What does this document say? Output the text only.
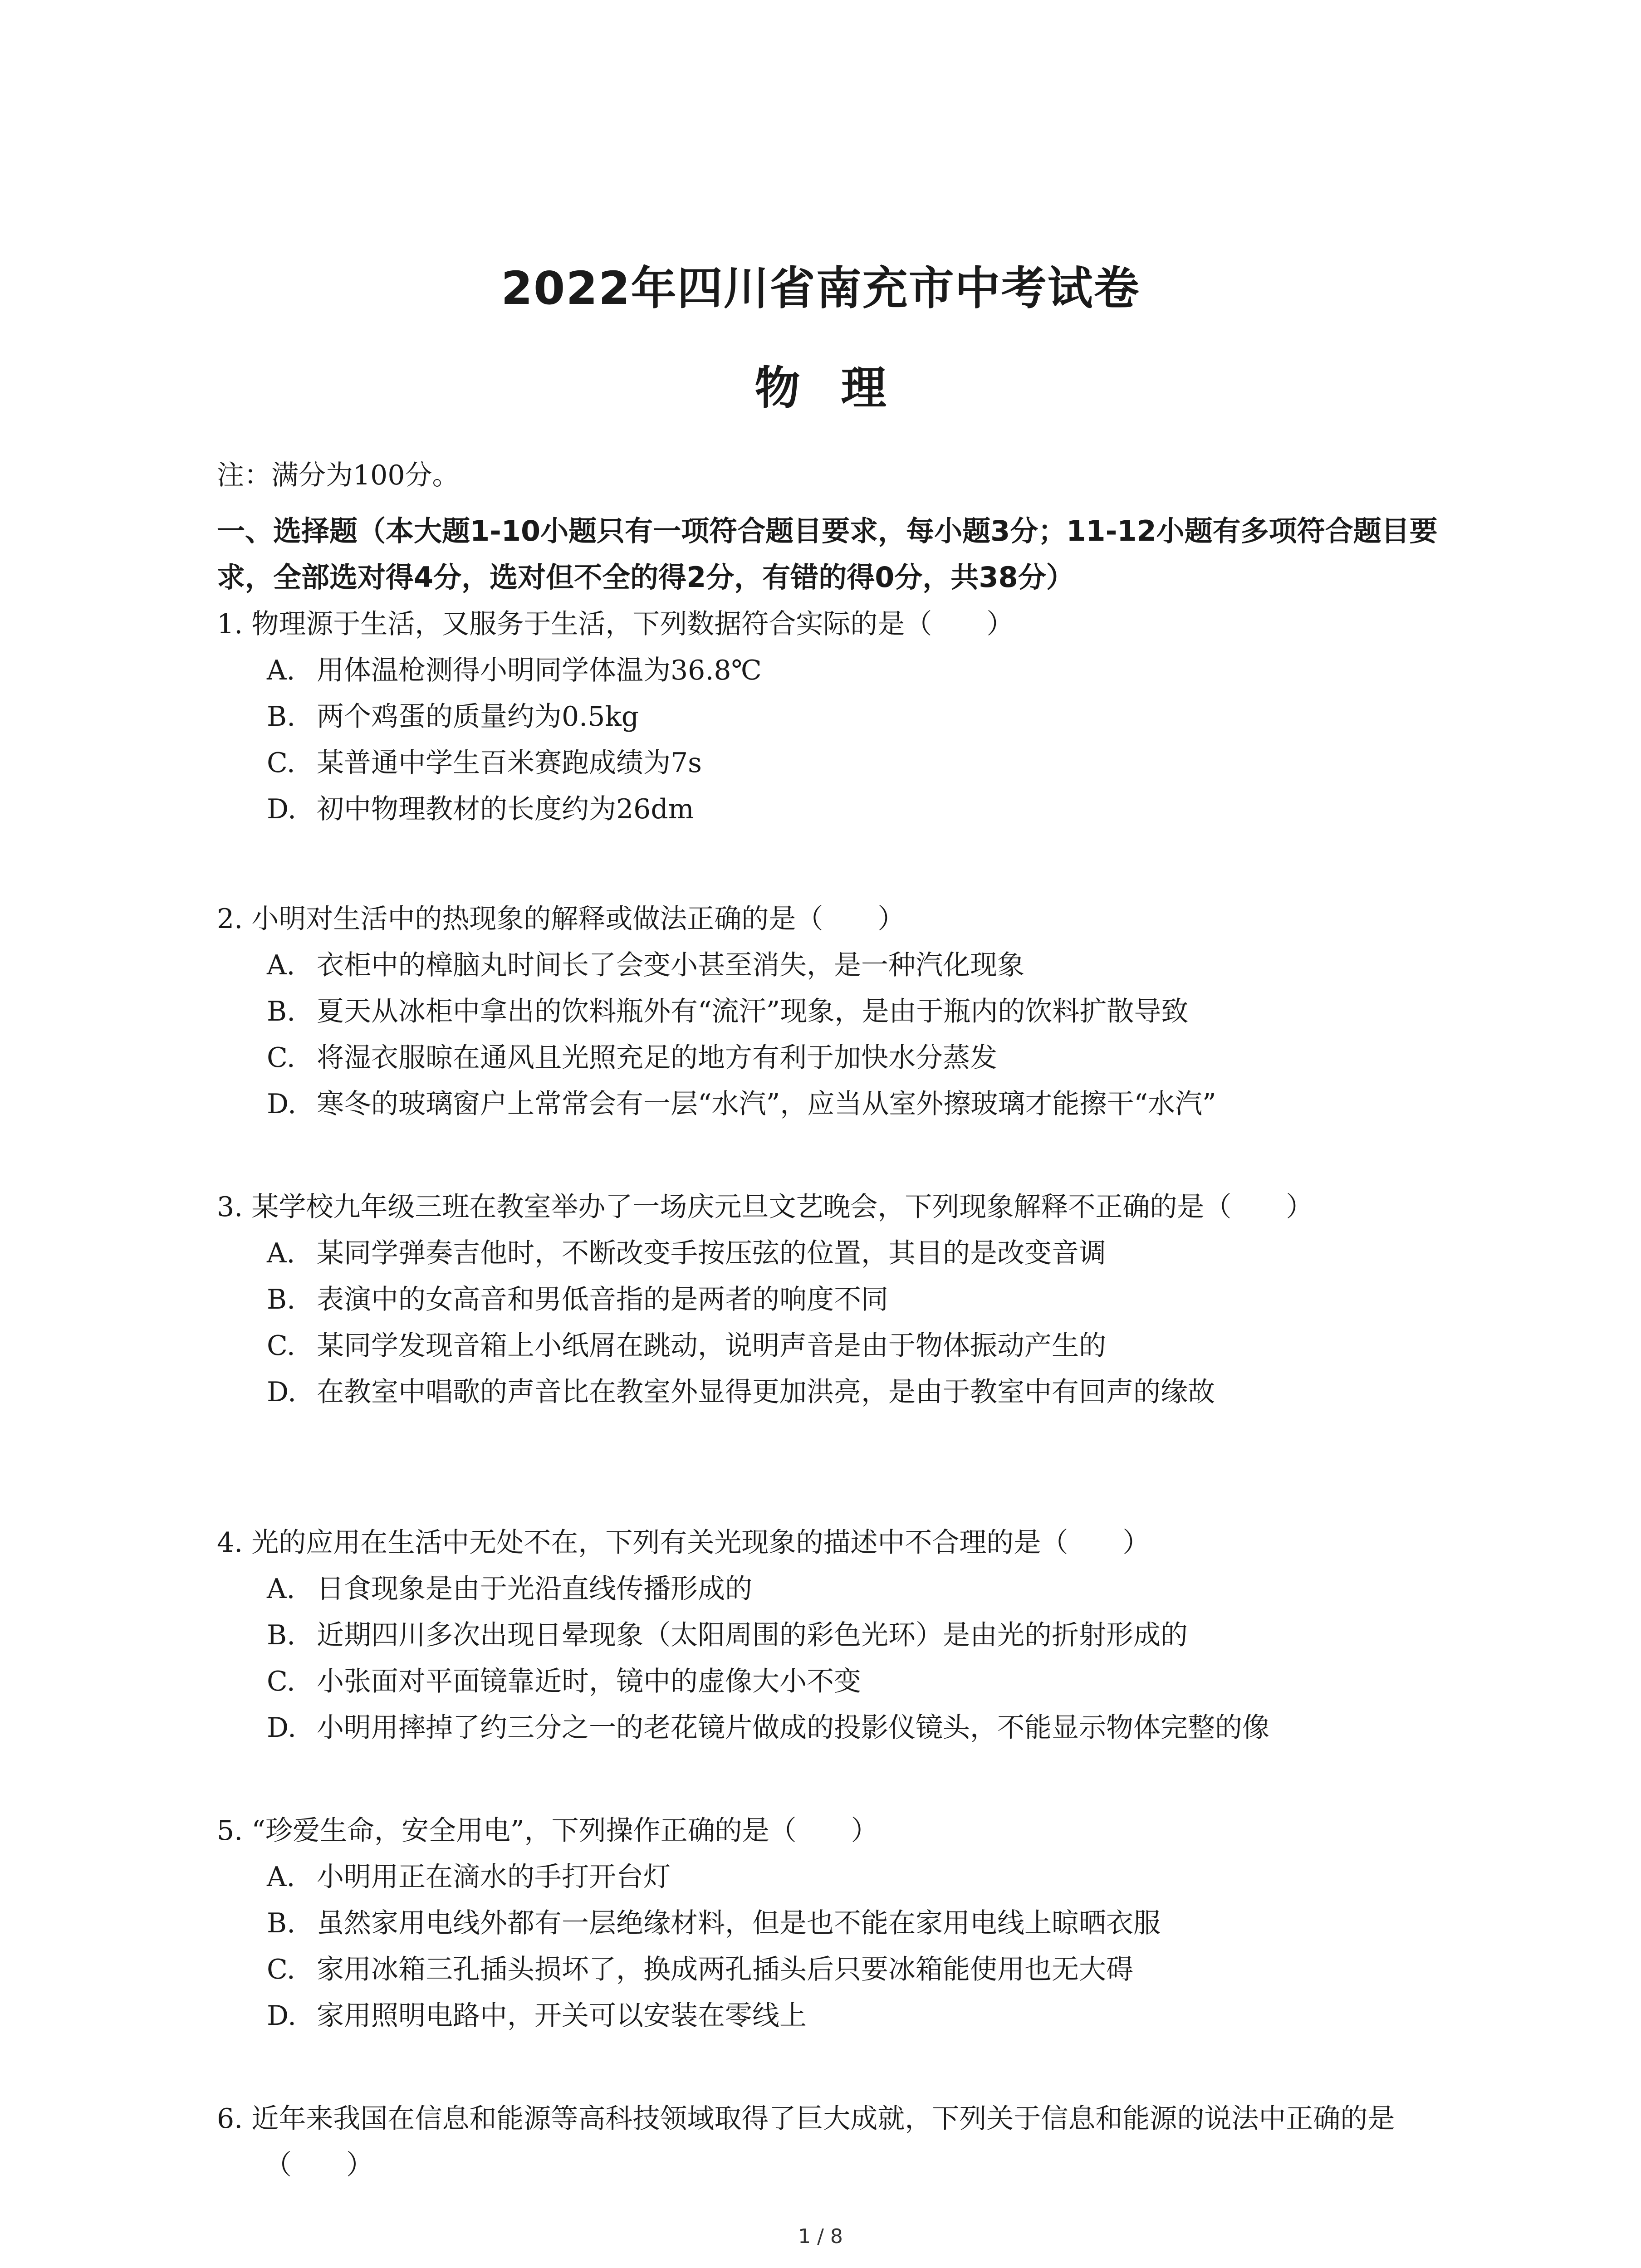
2022年四川省南充市中考试卷
物理
注：满分为100分。
一、选择题（本大题1-10小题只有一项符合题目要求，每小题3分；11-12小题有多项符合题目要求，全部选对得4分，选对但不全的得2分，有错的得0分，共38分）
1. 物理源于生活，又服务于生活，下列数据符合实际的是（　　）
A. 用体温枪测得小明同学体温为36.8℃
B. 两个鸡蛋的质量约为0.5kg
C. 某普通中学生百米赛跑成绩为7s
D. 初中物理教材的长度约为26dm
2. 小明对生活中的热现象的解释或做法正确的是（　　）
A. 衣柜中的樟脑丸时间长了会变小甚至消失，是一种汽化现象
B. 夏天从冰柜中拿出的饮料瓶外有“流汗”现象，是由于瓶内的饮料扩散导致
C. 将湿衣服晾在通风且光照充足的地方有利于加快水分蒸发
D. 寒冬的玻璃窗户上常常会有一层“水汽”，应当从室外擦玻璃才能擦干“水汽”
3. 某学校九年级三班在教室举办了一场庆元旦文艺晚会，下列现象解释不正确的是（　　）
A. 某同学弹奏吉他时，不断改变手按压弦的位置，其目的是改变音调
B. 表演中的女高音和男低音指的是两者的响度不同
C. 某同学发现音箱上小纸屑在跳动，说明声音是由于物体振动产生的
D. 在教室中唱歌的声音比在教室外显得更加洪亮，是由于教室中有回声的缘故
4. 光的应用在生活中无处不在，下列有关光现象的描述中不合理的是（　　）
A. 日食现象是由于光沿直线传播形成的
B. 近期四川多次出现日晕现象（太阳周围的彩色光环）是由光的折射形成的
C. 小张面对平面镜靠近时，镜中的虚像大小不变
D. 小明用摔掉了约三分之一的老花镜片做成的投影仪镜头，不能显示物体完整的像
5. “珍爱生命，安全用电”，下列操作正确的是（　　）
A. 小明用正在滴水的手打开台灯
B. 虽然家用电线外都有一层绝缘材料，但是也不能在家用电线上晾晒衣服
C. 家用冰箱三孔插头损坏了，换成两孔插头后只要冰箱能使用也无大碍
D. 家用照明电路中，开关可以安装在零线上
6. 近年来我国在信息和能源等高科技领域取得了巨大成就，下列关于信息和能源的说法中正确的是（　　）
1 / 8
